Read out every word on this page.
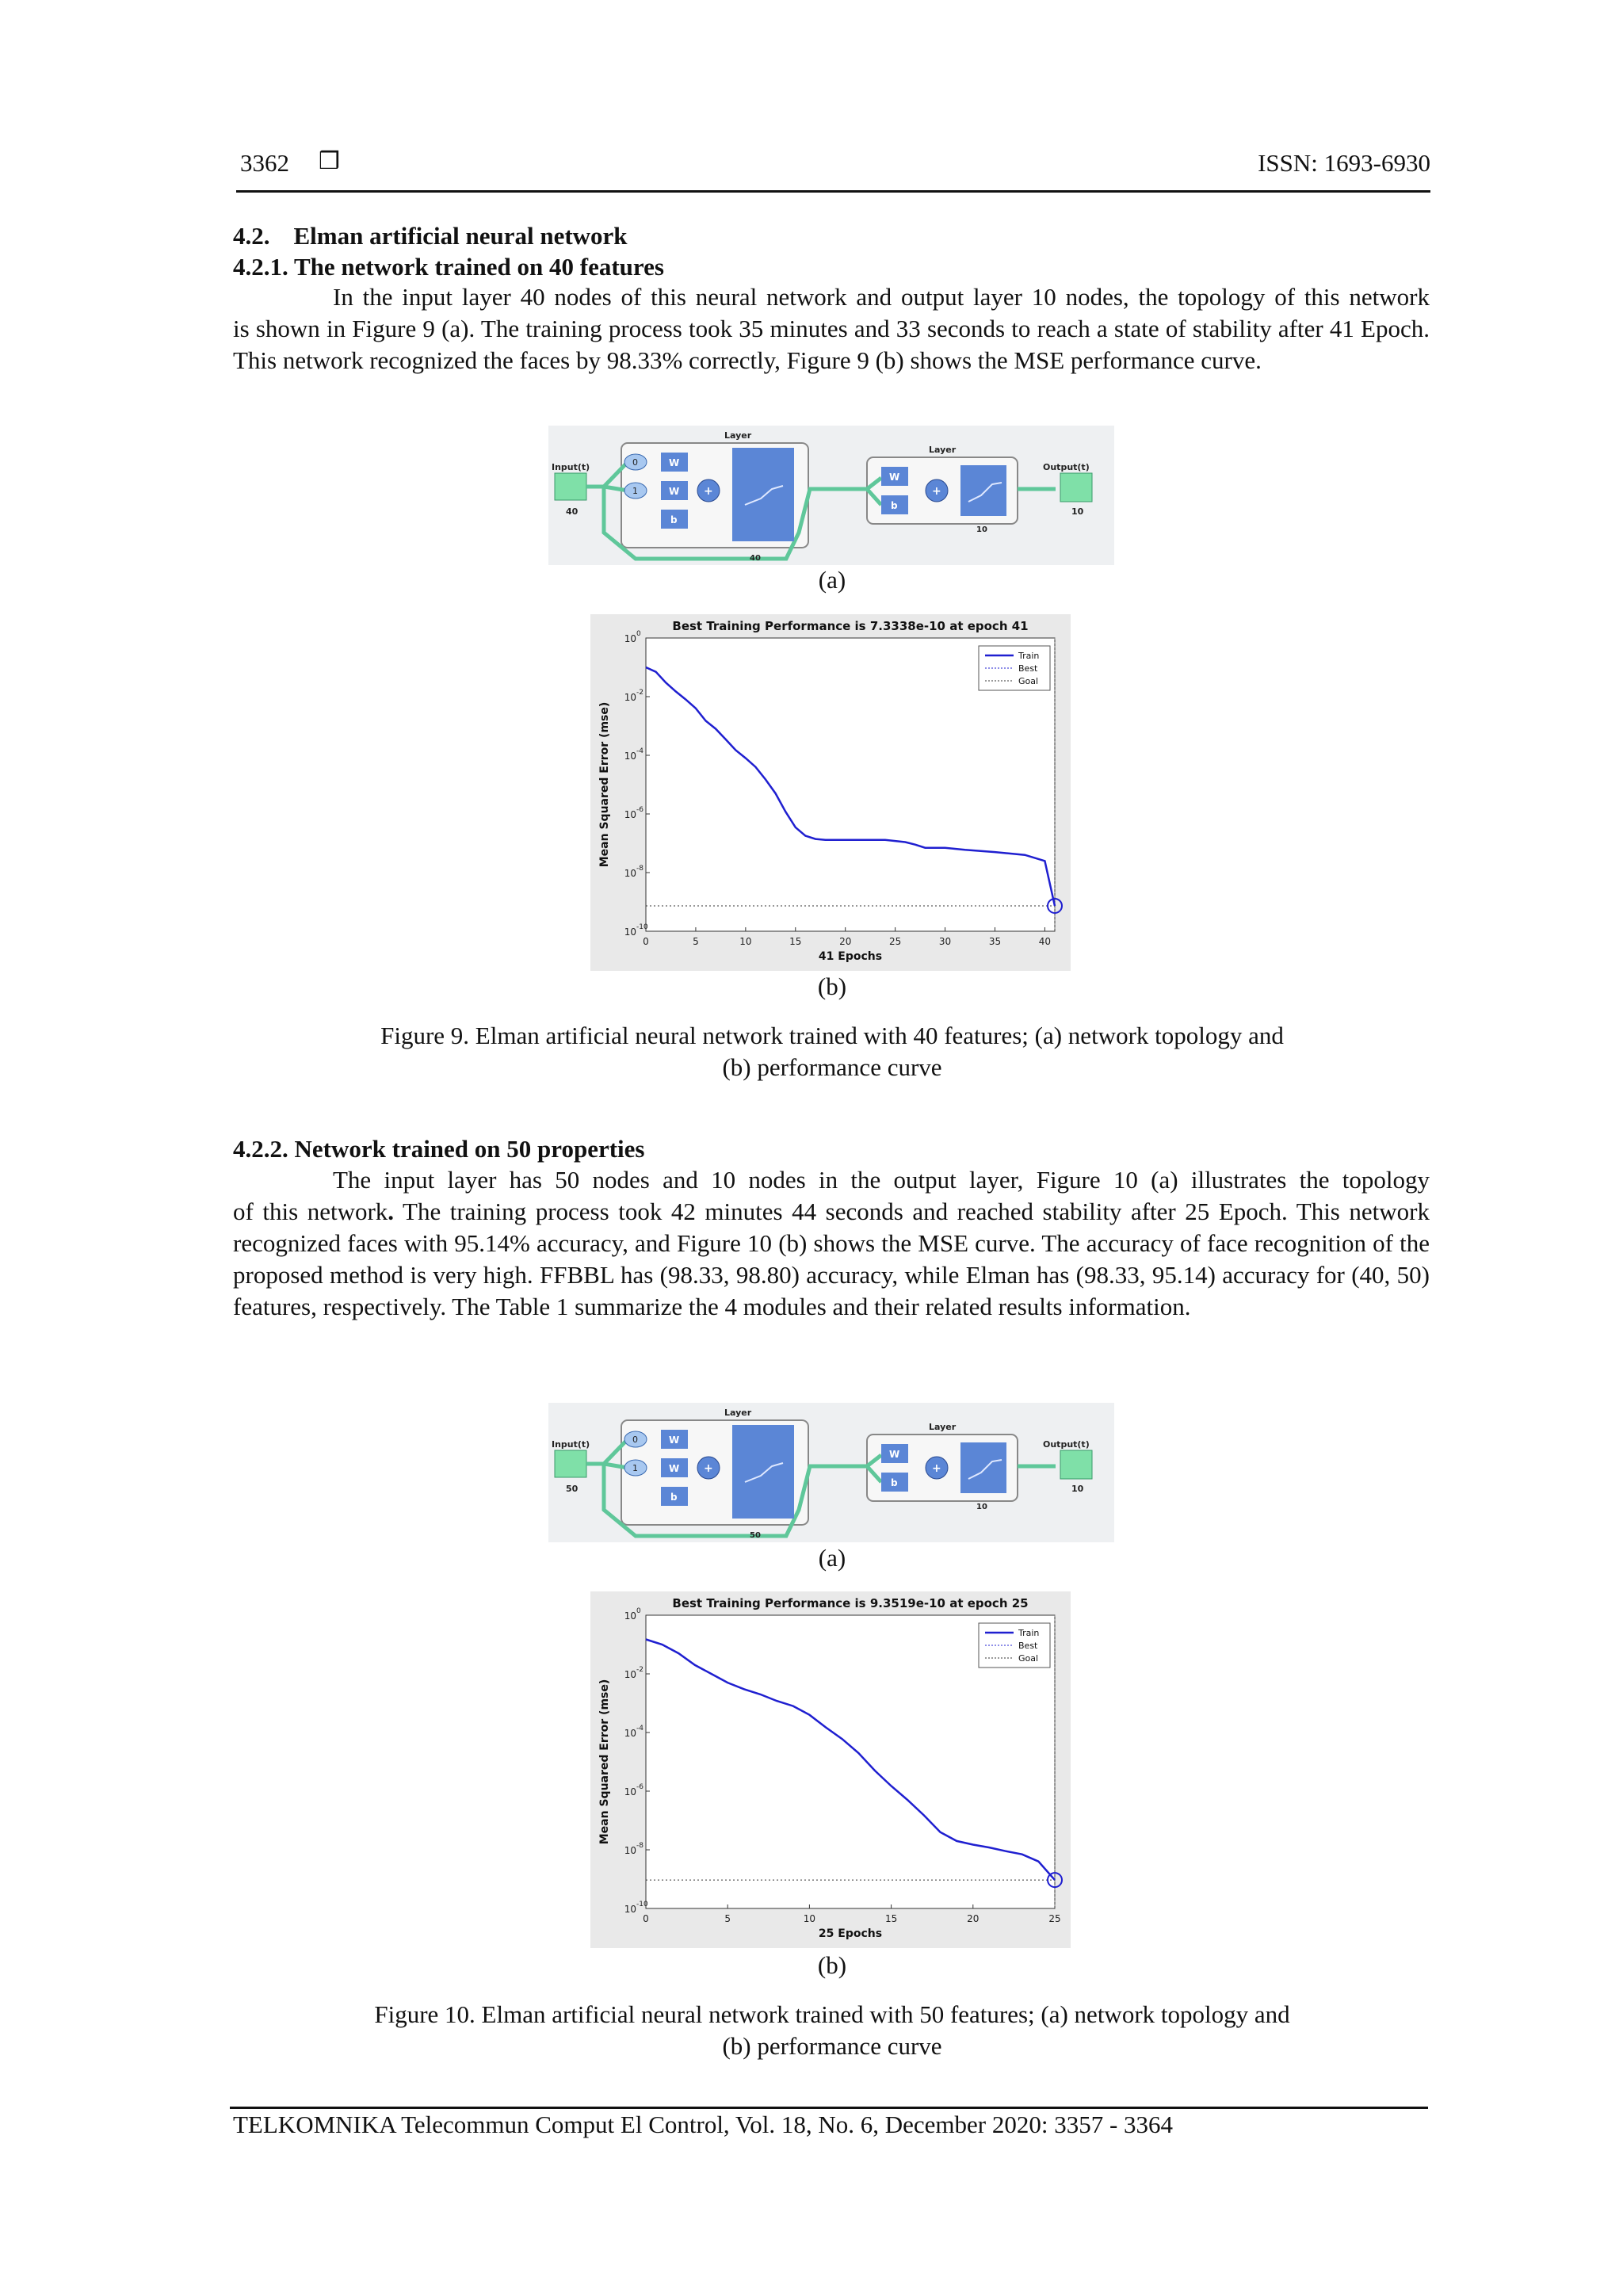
3362 ❒	ISSN: 1693-6930
4.2. Elman artificial neural network
4.2.1. The network trained on 40 features
In the input layer 40 nodes of this neural network and output layer 10 nodes, the topology of this network
is shown in Figure 9 (a). The training process took 35 minutes and 33 seconds to reach a state of stability after 41 Epoch. This network recognized the faces by 98.33% correctly, Figure 9 (b) shows the MSE performance curve.
Input(t)
40
Layer
0
1
W
W
b
+
40
Layer
W
b
+
10
Output(t)
10
(a)
Best Training Performance is 7.3338e-10 at epoch 41
0	5	10	15	20	25	30	35	40
10 0
10 -2
10 -4
10 -6
10 -8
10 -10
41 Epochs
Mean Squared Error (mse)
Train
Best
Goal
(b)
Figure 9. Elman artificial neural network trained with 40 features; (a) network topology and
(b) performance curve
4.2.2. Network trained on 50 properties
The input layer has 50 nodes and 10 nodes in the output layer, Figure 10 (a) illustrates the topology
of this network. The training process took 42 minutes 44 seconds and reached stability after 25 Epoch. This network recognized faces with 95.14% accuracy, and Figure 10 (b) shows the MSE curve. The accuracy of face recognition of the proposed method is very high. FFBBL has (98.33, 98.80) accuracy, while Elman has (98.33, 95.14) accuracy for (40, 50) features, respectively. The Table 1 summarize the 4 modules and their related results information.
Input(t)
50
Layer
0
1
W
W
b
+
50
Layer
W
b
+
10
Output(t)
10
(a)
Best Training Performance is 9.3519e-10 at epoch 25
0	5	10	15	20	25
10 0
10 -2
10 -4
10 -6
10 -8
10 -10
25 Epochs
Mean Squared Error (mse)
Train
Best
Goal
(b)
Figure 10. Elman artificial neural network trained with 50 features; (a) network topology and
(b) performance curve
TELKOMNIKA Telecommun Comput El Control, Vol. 18, No. 6, December 2020: 3357 - 3364
